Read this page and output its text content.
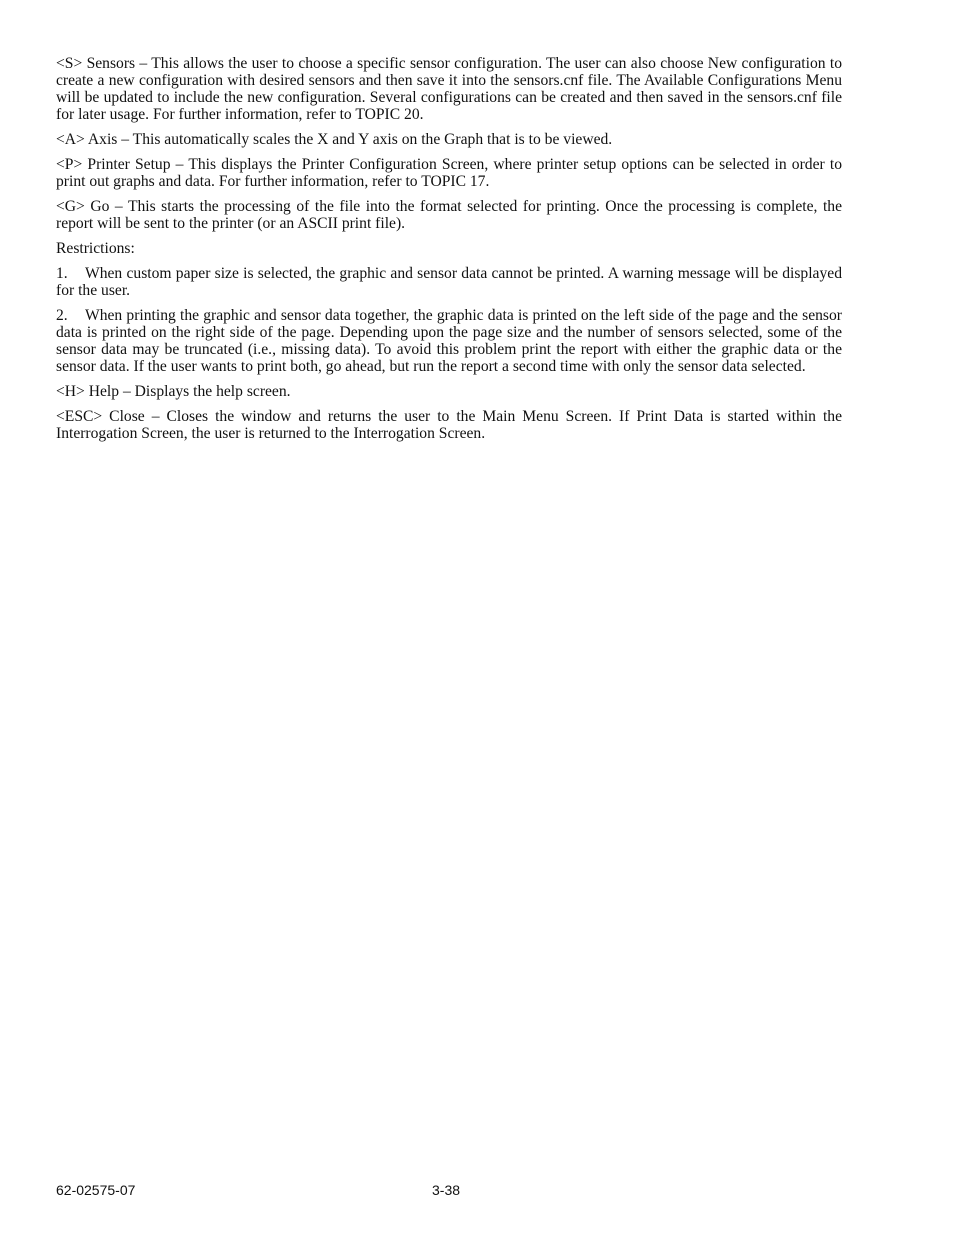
<S> Sensors – This allows the user to choose a specific sensor configuration. The user can also choose New configuration to create a new configuration with desired sensors and then save it into the sensors.cnf file. The Available Configurations Menu will be updated to include the new configuration. Several configurations can be created and then saved in the sensors.cnf file for later usage. For further information, refer to TOPIC 20.

<A> Axis – This automatically scales the X and Y axis on the Graph that is to be viewed.

<P> Printer Setup – This displays the Printer Configuration Screen, where printer setup options can be selected in order to print out graphs and data. For further information, refer to TOPIC 17.

<G> Go – This starts the processing of the file into the format selected for printing. Once the processing is complete, the report will be sent to the printer (or an ASCII print file).

Restrictions:

1. When custom paper size is selected, the graphic and sensor data cannot be printed. A warning message will be displayed for the user.

2. When printing the graphic and sensor data together, the graphic data is printed on the left side of the page and the sensor data is printed on the right side of the page. Depending upon the page size and the number of sensors selected, some of the sensor data may be truncated (i.e., missing data). To avoid this problem print the report with either the graphic data or the sensor data. If the user wants to print both, go ahead, but run the report a second time with only the sensor data selected.

<H> Help – Displays the help screen.

<ESC> Close – Closes the window and returns the user to the Main Menu Screen. If Print Data is started within the Interrogation Screen, the user is returned to the Interrogation Screen.

62-02575-07	3-38
